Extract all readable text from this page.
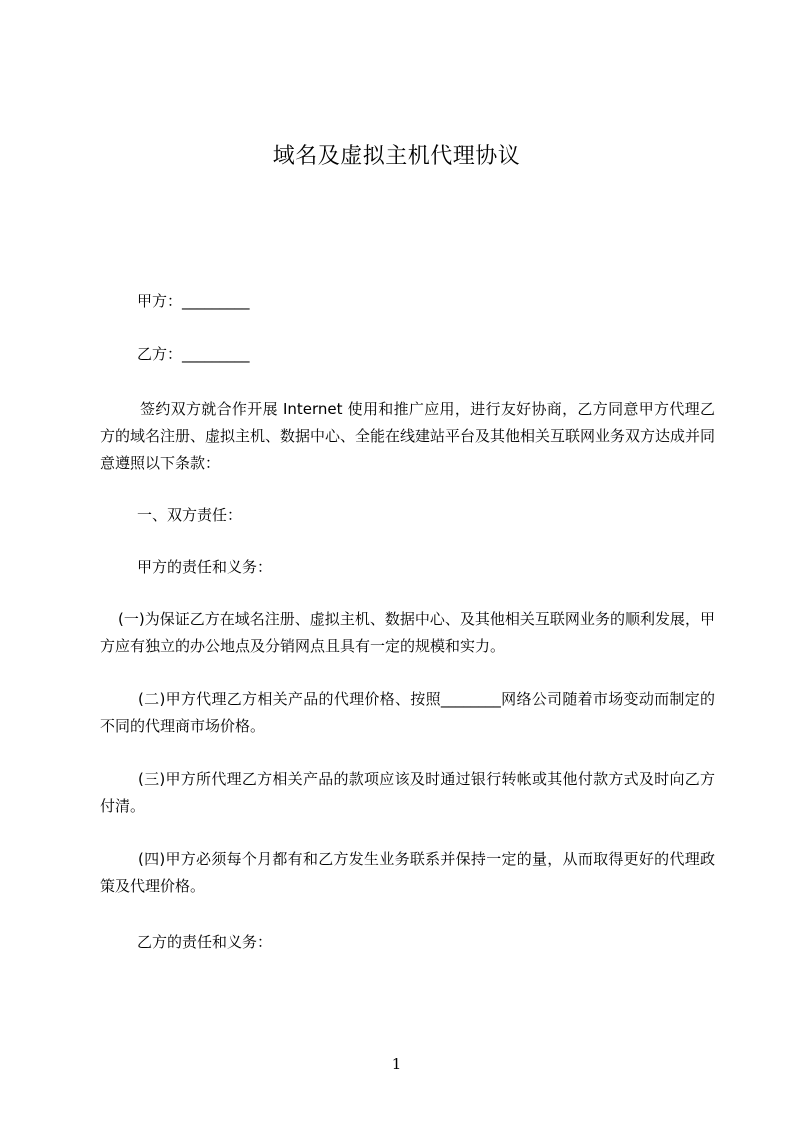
域名及虚拟主机代理协议
甲方：_________
乙方：_________
签约双方就合作开展 Internet 使用和推广应用，进行友好协商，乙方同意甲方代理乙方的域名注册、虚拟主机、数据中心、全能在线建站平台及其他相关互联网业务双方达成并同意遵照以下条款：
一、双方责任：
甲方的责任和义务：
(一)为保证乙方在域名注册、虚拟主机、数据中心、及其他相关互联网业务的顺利发展，甲方应有独立的办公地点及分销网点且具有一定的规模和实力。
(二)甲方代理乙方相关产品的代理价格、按照________网络公司随着市场变动而制定的不同的代理商市场价格。
(三)甲方所代理乙方相关产品的款项应该及时通过银行转帐或其他付款方式及时向乙方付清。
(四)甲方必须每个月都有和乙方发生业务联系并保持一定的量，从而取得更好的代理政策及代理价格。
乙方的责任和义务：
1
